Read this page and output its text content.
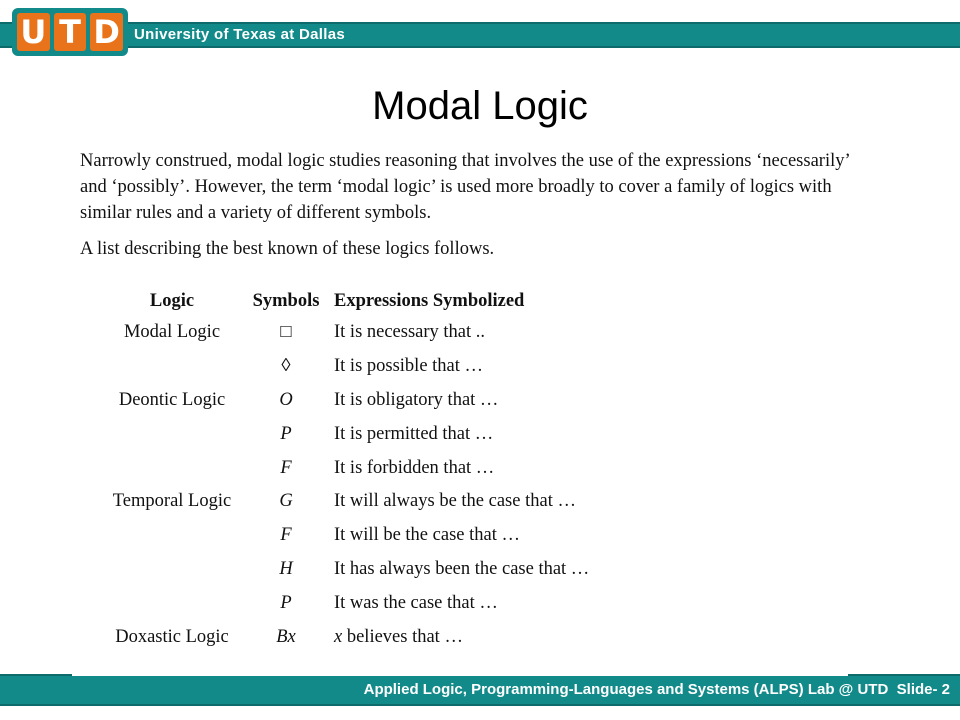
U T D University of Texas at Dallas
Modal Logic
Narrowly construed, modal logic studies reasoning that involves the use of the expressions ‘necessarily’ and ‘possibly’. However, the term ‘modal logic’ is used more broadly to cover a family of logics with similar rules and a variety of different symbols.
A list describing the best known of these logics follows.
Logic	Symbols	Expressions Symbolized
Modal Logic	□	It is necessary that ..
	◊	It is possible that …
Deontic Logic	O	It is obligatory that …
	P	It is permitted that …
	F	It is forbidden that …
Temporal Logic	G	It will always be the case that …
	F	It will be the case that …
	H	It has always been the case that …
	P	It was the case that …
Doxastic Logic	Bx	x believes that …
Applied Logic, Programming-Languages and Systems (ALPS) Lab @ UTD Slide- 2
